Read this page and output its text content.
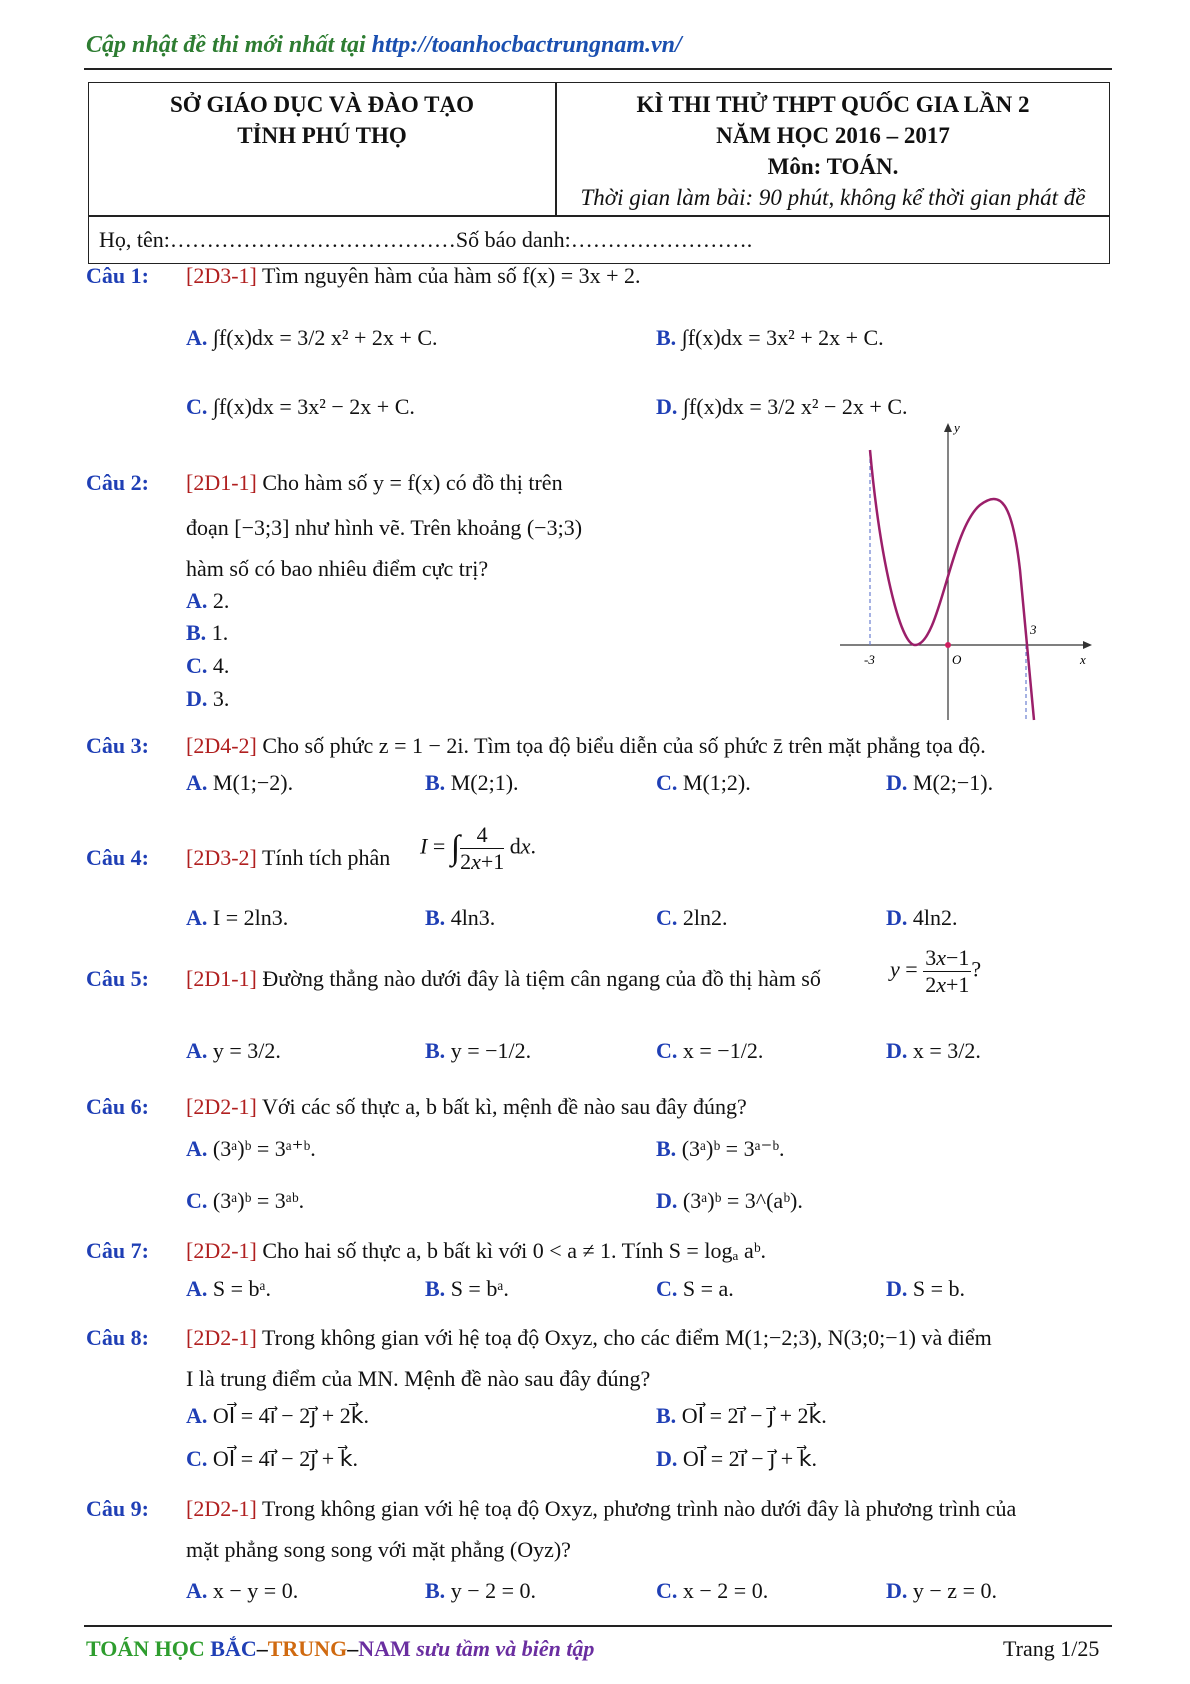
Cập nhật đề thi mới nhất tại http://toanhocbactrungnam.vn/
SỞ GIÁO DỤC VÀ ĐÀO TẠO
TỈNH PHÚ THỌ
KÌ THI THỬ THPT QUỐC GIA LẦN 2
NĂM HỌC 2016 – 2017
Môn: TOÁN.
Thời gian làm bài: 90 phút, không kể thời gian phát đề
Họ, tên:…………………………………Số báo danh:…………………….
Câu 1: [2D3-1] Tìm nguyên hàm của hàm số f(x) = 3x + 2.
A. ∫f(x)dx = 3/2 x² + 2x + C.	B. ∫f(x)dx = 3x² + 2x + C.
C. ∫f(x)dx = 3x² − 2x + C.	D. ∫f(x)dx = 3/2 x² − 2x + C.
Câu 2: [2D1-1] Cho hàm số y = f(x) có đồ thị trên
đoạn [−3;3] như hình vẽ. Trên khoảng (−3;3)
hàm số có bao nhiêu điểm cực trị?
A. 2.
B. 1.
C. 4.
D. 3.
-3	O
3
x
y
Câu 3: [2D4-2] Cho số phức z = 1 − 2i. Tìm tọa độ biểu diễn của số phức z̄ trên mặt phẳng tọa độ.
A. M(1;−2).	B. M(2;1).	C. M(1;2).	D. M(2;−1).
Câu 4: [2D3-2] Tính tích phân I = ∫ $\frac{4}{2x+1}$ dx.
A. I = 2ln3.	B. 4ln3.	C. 2ln2.	D. 4ln2.
Câu 5: [2D1-1] Đường thẳng nào dưới đây là tiệm cân ngang của đồ thị hàm số	$y = \frac{3x-1}{2x+1}$ ?
A. y = 3/2.	B. y = −1/2.	C. x = −1/2.	D. x = 3/2.
Câu 6: [2D2-1] Với các số thực a, b bất kì, mệnh đề nào sau đây đúng?
A. (3ᵃ)ᵇ = 3ᵃ⁺ᵇ.	B. (3ᵃ)ᵇ = 3ᵃ⁻ᵇ.
C. (3ᵃ)ᵇ = 3ᵃᵇ.	D. (3ᵃ)ᵇ = 3^(aᵇ).
Câu 7: [2D2-1] Cho hai số thực a, b bất kì với 0 < a ≠ 1. Tính S = logₐ aᵇ.
A. S = bᵃ.	B. S = bᵃ.	C. S = a.	D. S = b.
Câu 8: [2D2-1] Trong không gian với hệ toạ độ Oxyz, cho các điểm M(1;−2;3), N(3;0;−1) và điểm
I là trung điểm của MN. Mệnh đề nào sau đây đúng?
A. OI⃗ = 4i⃗ − 2j⃗ + 2k⃗.	B. OI⃗ = 2i⃗ − j⃗ + 2k⃗.
C. OI⃗ = 4i⃗ − 2j⃗ + k⃗.	D. OI⃗ = 2i⃗ − j⃗ + k⃗.
Câu 9: [2D2-1] Trong không gian với hệ toạ độ Oxyz, phương trình nào dưới đây là phương trình của
mặt phẳng song song với mặt phẳng (Oyz)?
A. x − y = 0.	B. y − 2 = 0.	C. x − 2 = 0.	D. y − z = 0.
TOÁN HỌC BẮC–TRUNG–NAM sưu tầm và biên tập	Trang 1/25
